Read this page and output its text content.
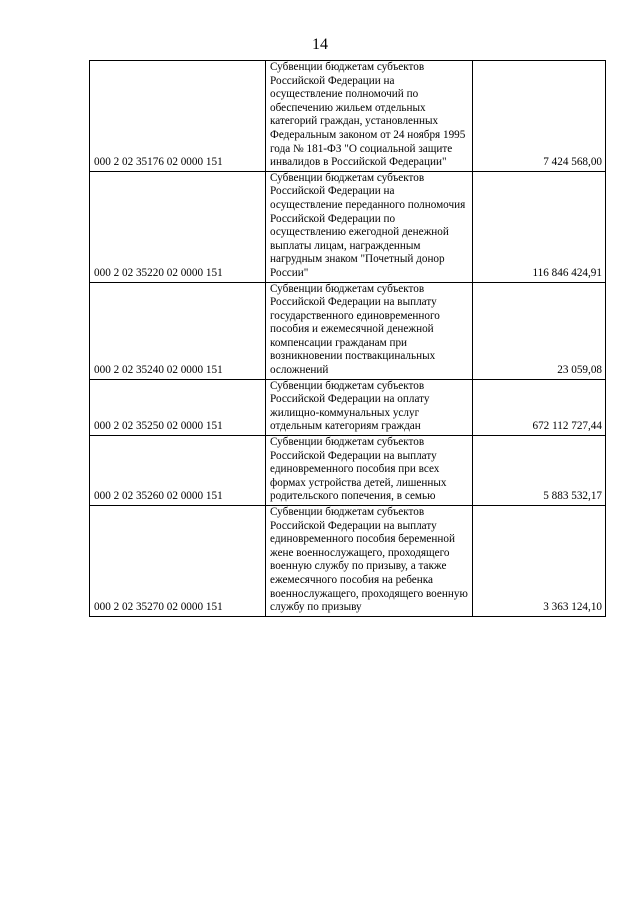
14
000 2 02 35176 02 0000 151	Субвенции бюджетам субъектов Российской Федерации на осуществление полномочий по обеспечению жильем отдельных категорий граждан, установленных Федеральным законом от 24 ноября 1995 года № 181-ФЗ "О социальной защите инвалидов в Российской Федерации"	7 424 568,00
000 2 02 35220 02 0000 151	Субвенции бюджетам субъектов Российской Федерации на осуществление переданного полномочия Российской Федерации по осуществлению ежегодной денежной выплаты лицам, награжденным нагрудным знаком "Почетный донор России"	116 846 424,91
000 2 02 35240 02 0000 151	Субвенции бюджетам субъектов Российской Федерации на выплату государственного единовременного пособия и ежемесячной денежной компенсации гражданам при возникновении поствакцинальных осложнений	23 059,08
000 2 02 35250 02 0000 151	Субвенции бюджетам субъектов Российской Федерации на оплату жилищно-коммунальных услуг отдельным категориям граждан	672 112 727,44
000 2 02 35260 02 0000 151	Субвенции бюджетам субъектов Российской Федерации на выплату единовременного пособия при всех формах устройства детей, лишенных родительского попечения, в семью	5 883 532,17
000 2 02 35270 02 0000 151	Субвенции бюджетам субъектов Российской Федерации на выплату единовременного пособия беременной жене военнослужащего, проходящего военную службу по призыву, а также ежемесячного пособия на ребенка военнослужащего, проходящего военную службу по призыву	3 363 124,10
